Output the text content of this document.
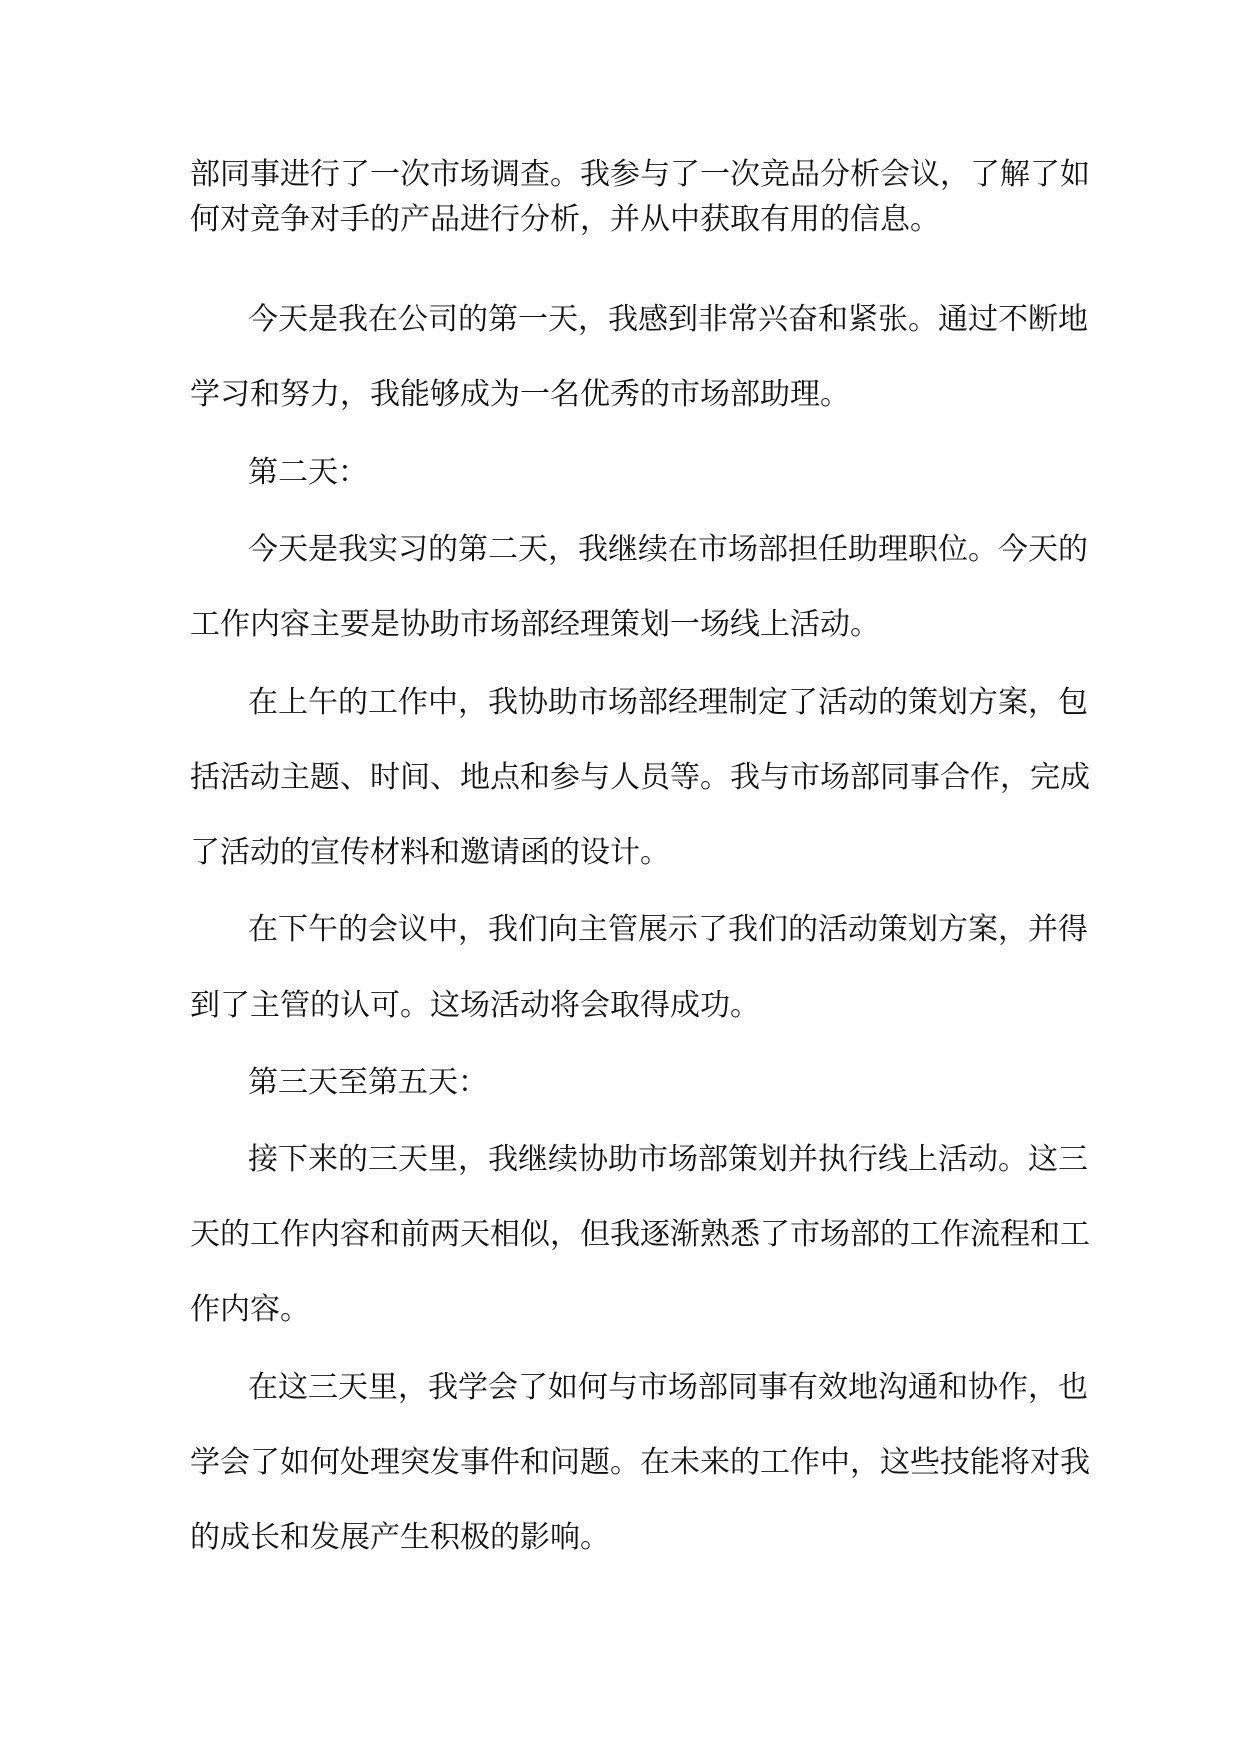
部同事进行了一次市场调查。我参与了一次竞品分析会议，了解了如

何对竞争对手的产品进行分析，并从中获取有用的信息。

今天是我在公司的第一天，我感到非常兴奋和紧张。通过不断地

学习和努力，我能够成为一名优秀的市场部助理。

第二天：

今天是我实习的第二天，我继续在市场部担任助理职位。今天的

工作内容主要是协助市场部经理策划一场线上活动。

在上午的工作中，我协助市场部经理制定了活动的策划方案，包

括活动主题、时间、地点和参与人员等。我与市场部同事合作，完成

了活动的宣传材料和邀请函的设计。

在下午的会议中，我们向主管展示了我们的活动策划方案，并得

到了主管的认可。这场活动将会取得成功。

第三天至第五天：

接下来的三天里，我继续协助市场部策划并执行线上活动。这三

天的工作内容和前两天相似，但我逐渐熟悉了市场部的工作流程和工

作内容。

在这三天里，我学会了如何与市场部同事有效地沟通和协作，也

学会了如何处理突发事件和问题。在未来的工作中，这些技能将对我

的成长和发展产生积极的影响。
